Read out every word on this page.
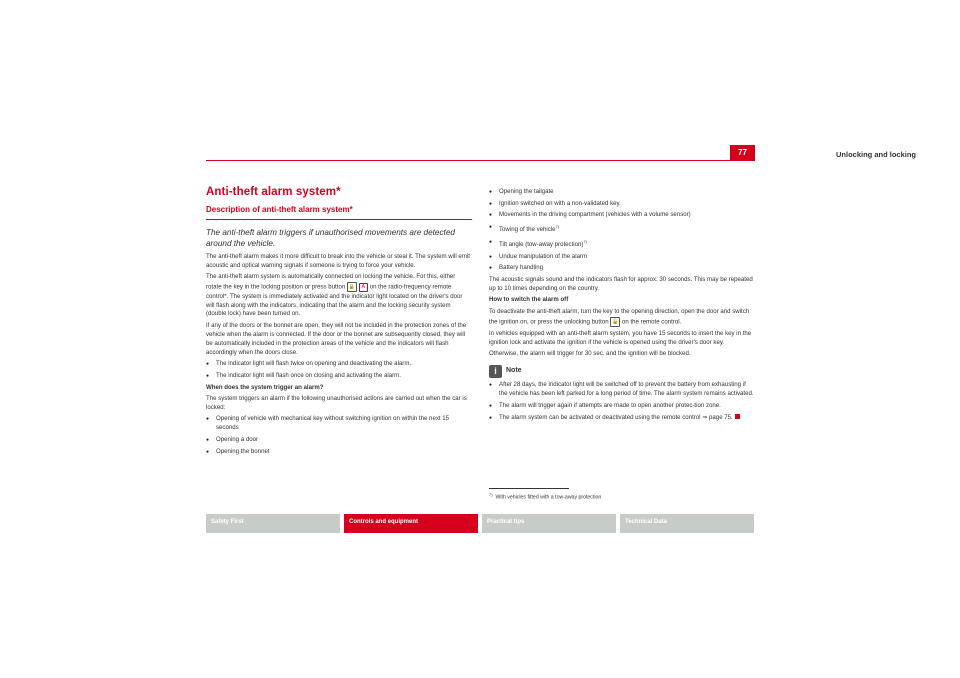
Unlocking and locking
77
Anti-theft alarm system*
Description of anti-theft alarm system*

The anti-theft alarm triggers if unauthorised movements are detected around the vehicle.

The anti-theft alarm makes it more difficult to break into the vehicle or steal it. The system will emit acoustic and optical warning signals if someone is trying to force your vehicle.

The anti-theft alarm system is automatically connected on locking the vehicle. For this, either rotate the key in the locking position or press button 🔒 A on the radio-frequency remote control*. The system is immediately activated and the indicator light located on the driver's door will flash along with the indicators, indicating that the alarm and the locking security system (double lock) have been turned on.

If any of the doors or the bonnet are open, they will not be included in the protection zones of the vehicle when the alarm is connected. If the door or the bonnet are subsequently closed, they will be automatically included in the protection areas of the vehicle and the indicators will flash accordingly when the doors close.

● The indicator light will flash twice on opening and deactivating the alarm..
● The indicator light will flash once on closing and activating the alarm.

When does the system trigger an alarm?

The system triggers an alarm if the following unauthorised actions are carried out when the car is locked:

● Opening of vehicle with mechanical key without switching ignition on within the next 15 seconds
● Opening a door
● Opening the bonnet
● Opening the tailgate
● Ignition switched on with a non-validated key.
● Movements in the driving compartment (vehicles with a volume sensor)
● Towing of the vehicle$^{7)}$
● Tilt angle (tow-away protection)$^{7)}$
● Undue manipulation of the alarm
● Battery handling

The acoustic signals sound and the indicators flash for approx. 30 seconds. This may be repeated up to 10 times depending on the country.

How to switch the alarm off

To deactivate the anti-theft alarm, turn the key to the opening direction, open the door and switch the ignition on, or press the unlocking button 🔓 on the remote control.

In vehicles equipped with an anti-theft alarm system, you have 15 seconds to insert the key in the ignition lock and activate the ignition if the vehicle is opened using the driver's door key.

Otherwise, the alarm will trigger for 30 sec. and the ignition will be blocked.

i	Note
● After 28 days, the indicator light will be switched off to prevent the battery from exhausting if the vehicle has been left parked for a long period of time. The alarm system remains activated.
● The alarm will trigger again if attempts are made to open another protec-tion zone.
● The alarm system can be activated or deactivated using the remote control ⇒ page 75.
$^{7)}$  With vehicles fitted with a tow-away protection
Safety First	Controls and equipment	Practical tips	Technical Data
